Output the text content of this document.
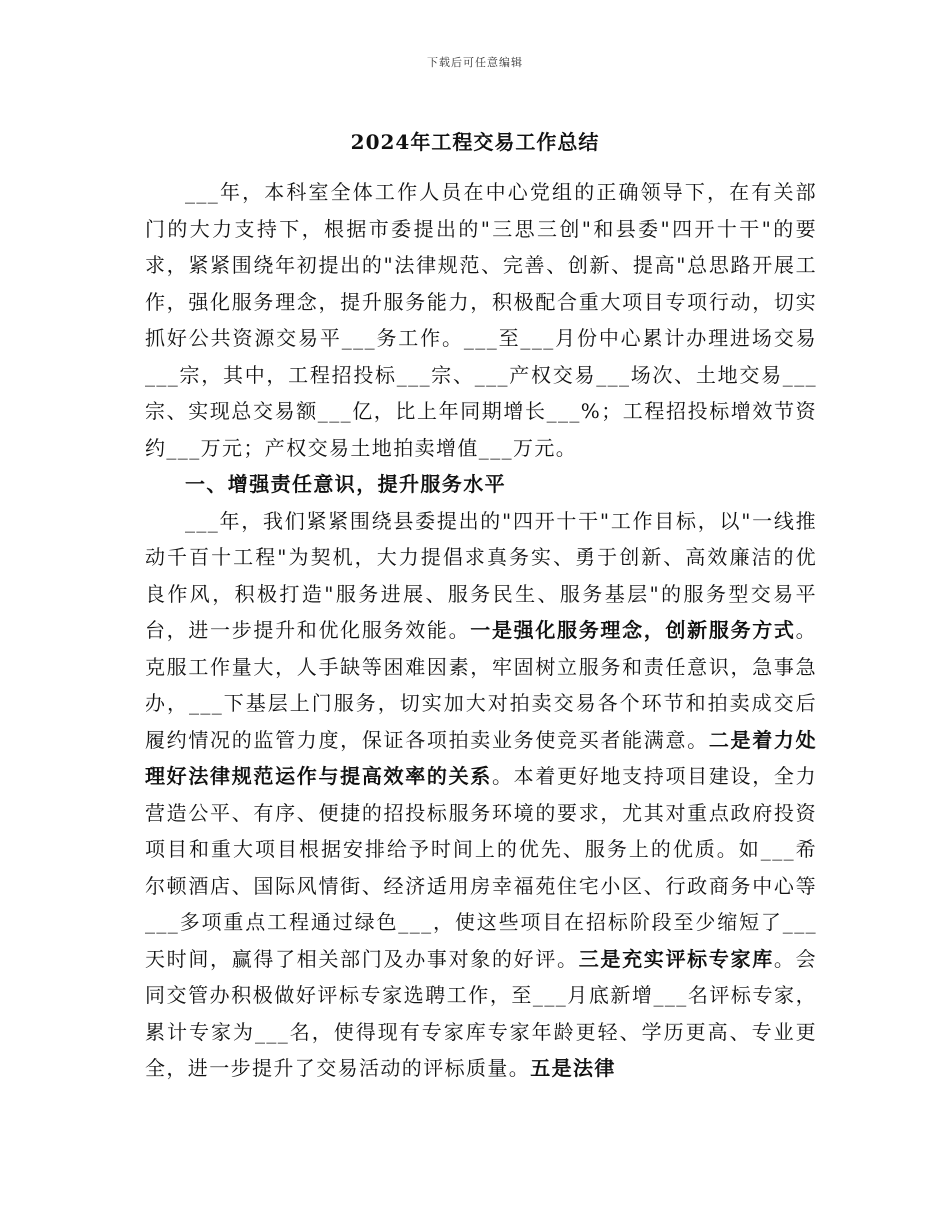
下载后可任意编辑
2024年工程交易工作总结

___年，本科室全体工作人员在中心党组的正确领导下，在有关部门的大力支持下，根据市委提出的"三思三创"和县委"四开十干"的要求，紧紧围绕年初提出的"法律规范、完善、创新、提高"总思路开展工作，强化服务理念，提升服务能力，积极配合重大项目专项行动，切实抓好公共资源交易平___务工作。___至___月份中心累计办理进场交易___宗，其中，工程招投标___宗、___产权交易___场次、土地交易___宗、实现总交易额___亿，比上年同期增长___%；工程招投标增效节资约___万元；产权交易土地拍卖增值___万元。

一、增强责任意识，提升服务水平

___年，我们紧紧围绕县委提出的"四开十干"工作目标，以"一线推动千百十工程"为契机，大力提倡求真务实、勇于创新、高效廉洁的优良作风，积极打造"服务进展、服务民生、服务基层"的服务型交易平台，进一步提升和优化服务效能。一是强化服务理念，创新服务方式。克服工作量大，人手缺等困难因素，牢固树立服务和责任意识，急事急办，___下基层上门服务，切实加大对拍卖交易各个环节和拍卖成交后履约情况的监管力度，保证各项拍卖业务使竞买者能满意。二是着力处理好法律规范运作与提高效率的关系。本着更好地支持项目建设，全力营造公平、有序、便捷的招投标服务环境的要求，尤其对重点政府投资项目和重大项目根据安排给予时间上的优先、服务上的优质。如___希尔顿酒店、国际风情街、经济适用房幸福苑住宅小区、行政商务中心等___多项重点工程通过绿色___，使这些项目在招标阶段至少缩短了___天时间，赢得了相关部门及办事对象的好评。三是充实评标专家库。会同交管办积极做好评标专家选聘工作，至___月底新增___名评标专家，累计专家为___名，使得现有专家库专家年龄更轻、学历更高、专业更全，进一步提升了交易活动的评标质量。五是法律
